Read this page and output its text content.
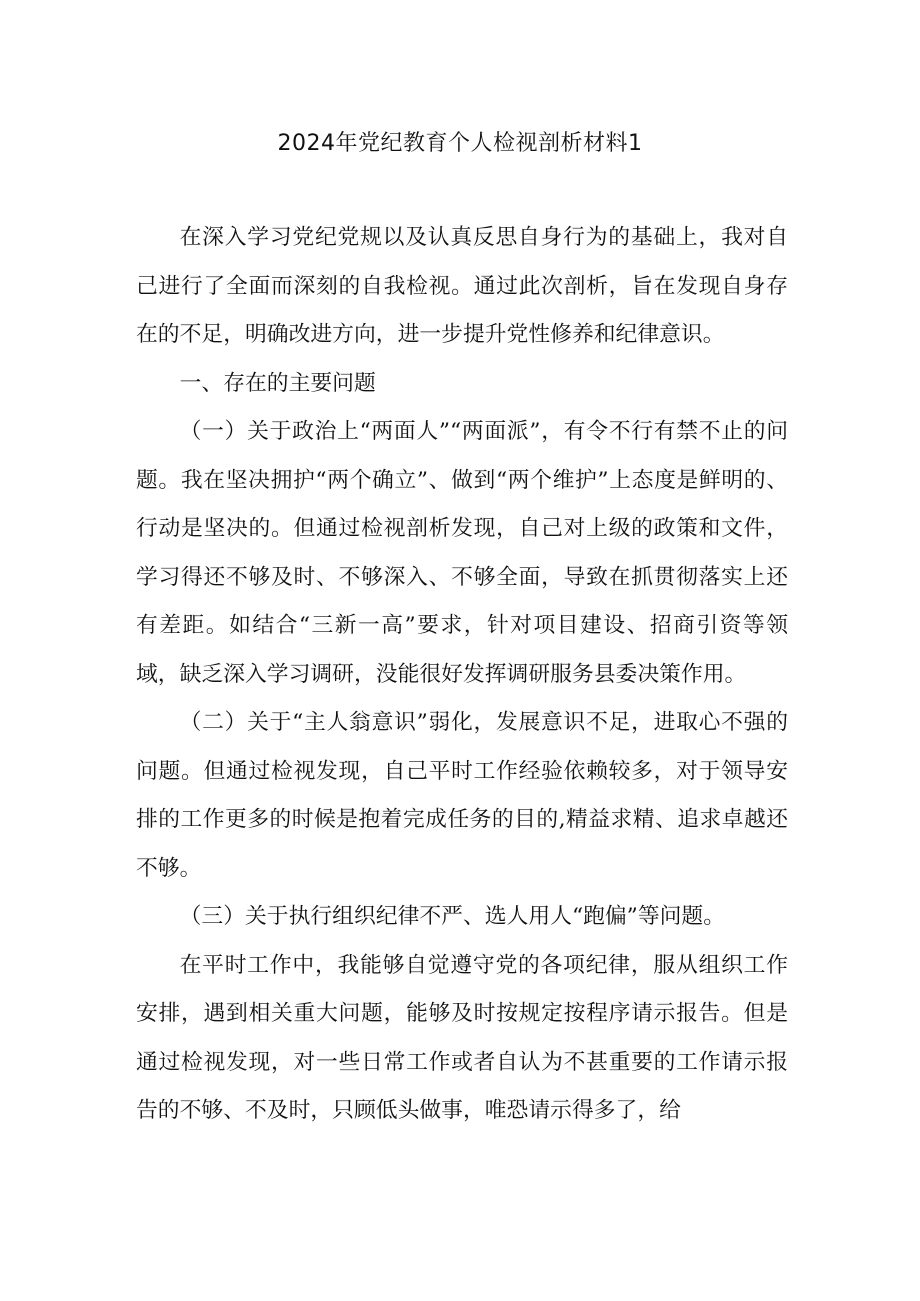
2024年党纪教育个人检视剖析材料1

在深入学习党纪党规以及认真反思自身行为的基础上，我对自己进行了全面而深刻的自我检视。通过此次剖析，旨在发现自身存在的不足，明确改进方向，进一步提升党性修养和纪律意识。

一、存在的主要问题

（一）关于政治上“两面人”“两面派”，有令不行有禁不止的问题。我在坚决拥护“两个确立”、做到“两个维护”上态度是鲜明的、行动是坚决的。但通过检视剖析发现，自己对上级的政策和文件，学习得还不够及时、不够深入、不够全面，导致在抓贯彻落实上还有差距。如结合“三新一高”要求，针对项目建设、招商引资等领域，缺乏深入学习调研，没能很好发挥调研服务县委决策作用。

（二）关于“主人翁意识”弱化，发展意识不足，进取心不强的问题。但通过检视发现，自己平时工作经验依赖较多，对于领导安排的工作更多的时候是抱着完成任务的目的,精益求精、追求卓越还不够。

（三）关于执行组织纪律不严、选人用人“跑偏”等问题。

在平时工作中，我能够自觉遵守党的各项纪律，服从组织工作安排，遇到相关重大问题，能够及时按规定按程序请示报告。但是通过检视发现，对一些日常工作或者自认为不甚重要的工作请示报告的不够、不及时，只顾低头做事，唯恐请示得多了，给
